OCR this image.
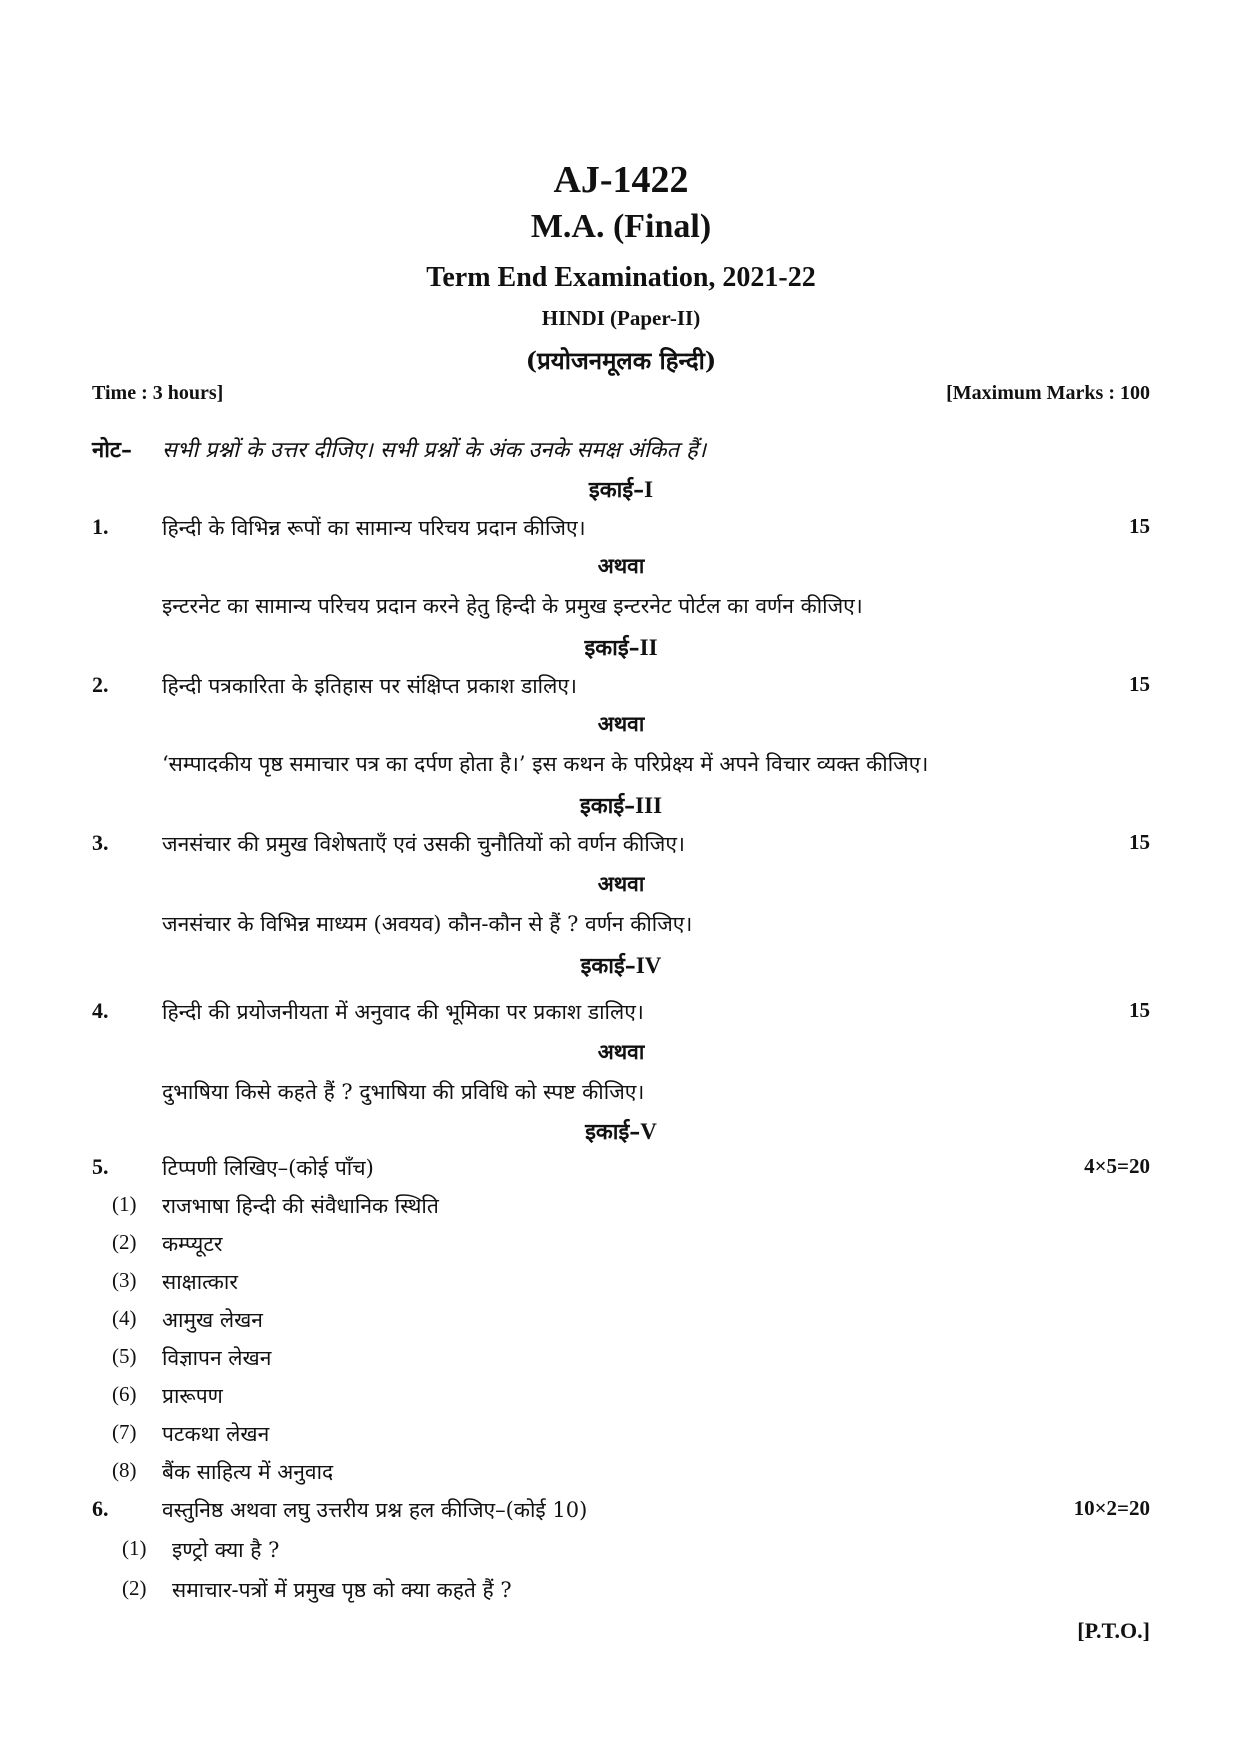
AJ-1422
M.A. (Final)
Term End Examination, 2021-22
HINDI (Paper-II)
(प्रयोजनमूलक हिन्दी)
Time : 3 hours]	[Maximum Marks : 100
नोट– सभी प्रश्नों के उत्तर दीजिए। सभी प्रश्नों के अंक उनके समक्ष अंकित हैं।
इकाई–I
1.	हिन्दी के विभिन्न रूपों का सामान्य परिचय प्रदान कीजिए।	15
अथवा
इन्टरनेट का सामान्य परिचय प्रदान करने हेतु हिन्दी के प्रमुख इन्टरनेट पोर्टल का वर्णन कीजिए।
इकाई–II
2.	हिन्दी पत्रकारिता के इतिहास पर संक्षिप्त प्रकाश डालिए।	15
अथवा
‘सम्पादकीय पृष्ठ समाचार पत्र का दर्पण होता है।’ इस कथन के परिप्रेक्ष्य में अपने विचार व्यक्त कीजिए।
इकाई–III
3.	जनसंचार की प्रमुख विशेषताएँ एवं उसकी चुनौतियों को वर्णन कीजिए।	15
अथवा
जनसंचार के विभिन्न माध्यम (अवयव) कौन-कौन से हैं ? वर्णन कीजिए।
इकाई–IV
4.	हिन्दी की प्रयोजनीयता में अनुवाद की भूमिका पर प्रकाश डालिए।	15
अथवा
दुभाषिया किसे कहते हैं ? दुभाषिया की प्रविधि को स्पष्ट कीजिए।
इकाई–V
5.	टिप्पणी लिखिए–(कोई पाँच)	4×5=20
(1) राजभाषा हिन्दी की संवैधानिक स्थिति
(2) कम्प्यूटर
(3) साक्षात्कार
(4) आमुख लेखन
(5) विज्ञापन लेखन
(6) प्रारूपण
(7) पटकथा लेखन
(8) बैंक साहित्य में अनुवाद
6.	वस्तुनिष्ठ अथवा लघु उत्तरीय प्रश्न हल कीजिए–(कोई 10)	10×2=20
(1) इण्ट्रो क्या है ?
(2) समाचार-पत्रों में प्रमुख पृष्ठ को क्या कहते हैं ?
[P.T.O.]
